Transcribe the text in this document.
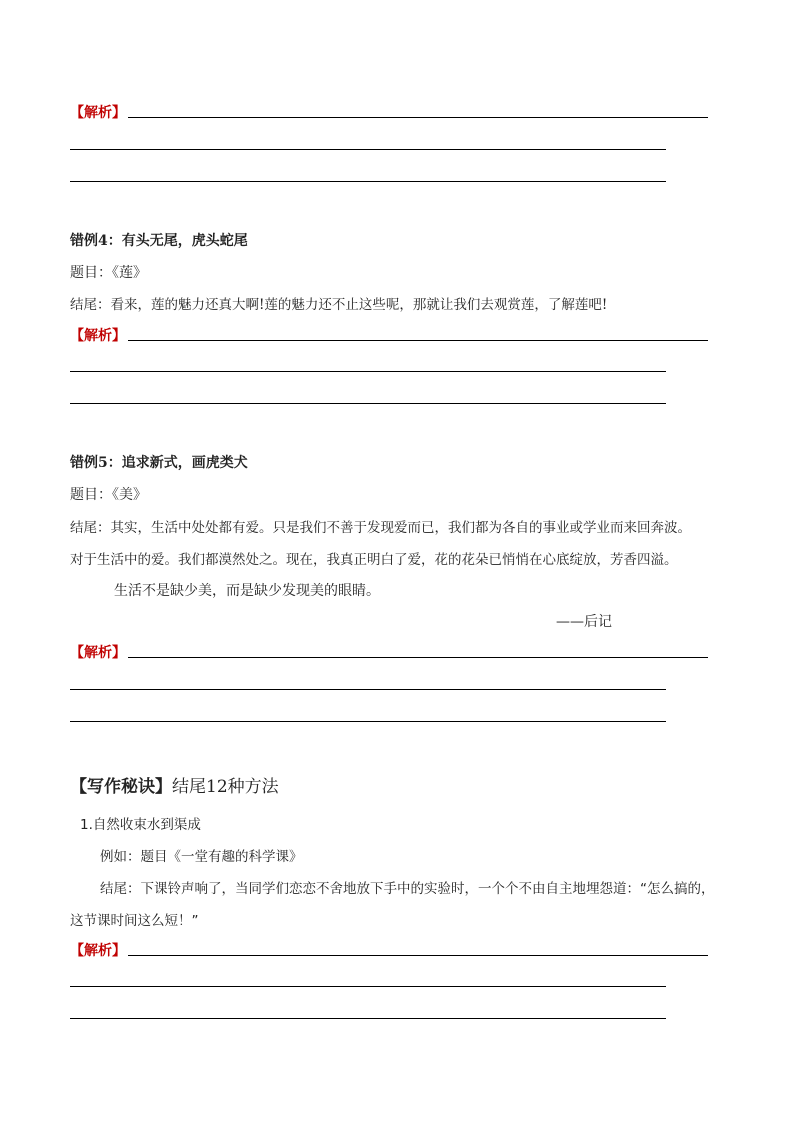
【解析】
错例4：有头无尾，虎头蛇尾
题目：《莲》
结尾：看来，莲的魅力还真大啊!莲的魅力还不止这些呢，那就让我们去观赏莲，了解莲吧!
【解析】
错例5：追求新式，画虎类犬
题目：《美》
结尾：其实，生活中处处都有爱。只是我们不善于发现爱而已，我们都为各自的事业或学业而来回奔波。
对于生活中的爱。我们都漠然处之。现在，我真正明白了爱，花的花朵已悄悄在心底绽放，芳香四溢。
生活不是缺少美，而是缺少发现美的眼睛。
——后记
【解析】
【写作秘诀】结尾12种方法
1.自然收束水到渠成
例如：题目《一堂有趣的科学课》
结尾：下课铃声响了，当同学们恋恋不舍地放下手中的实验时，一个个不由自主地埋怨道：“怎么搞的，
这节课时间这么短！”
【解析】
